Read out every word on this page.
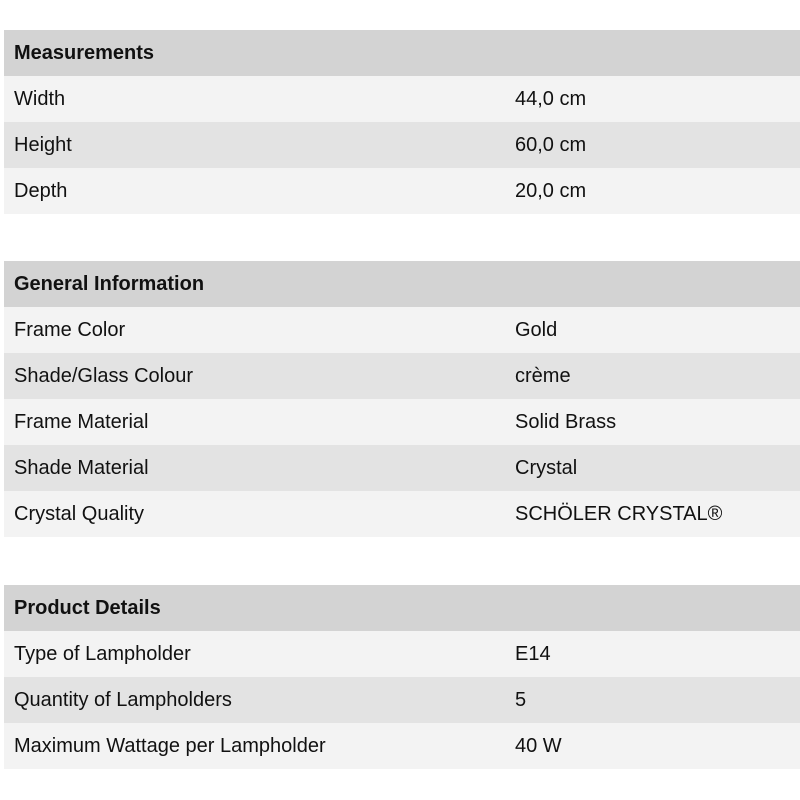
Measurements
Width	44,0 cm
Height	60,0 cm
Depth	20,0 cm
General Information
Frame Color	Gold
Shade/Glass Colour	crème
Frame Material	Solid Brass
Shade Material	Crystal
Crystal Quality	SCHÖLER CRYSTAL®
Product Details
Type of Lampholder	E14
Quantity of Lampholders	5
Maximum Wattage per Lampholder	40 W
